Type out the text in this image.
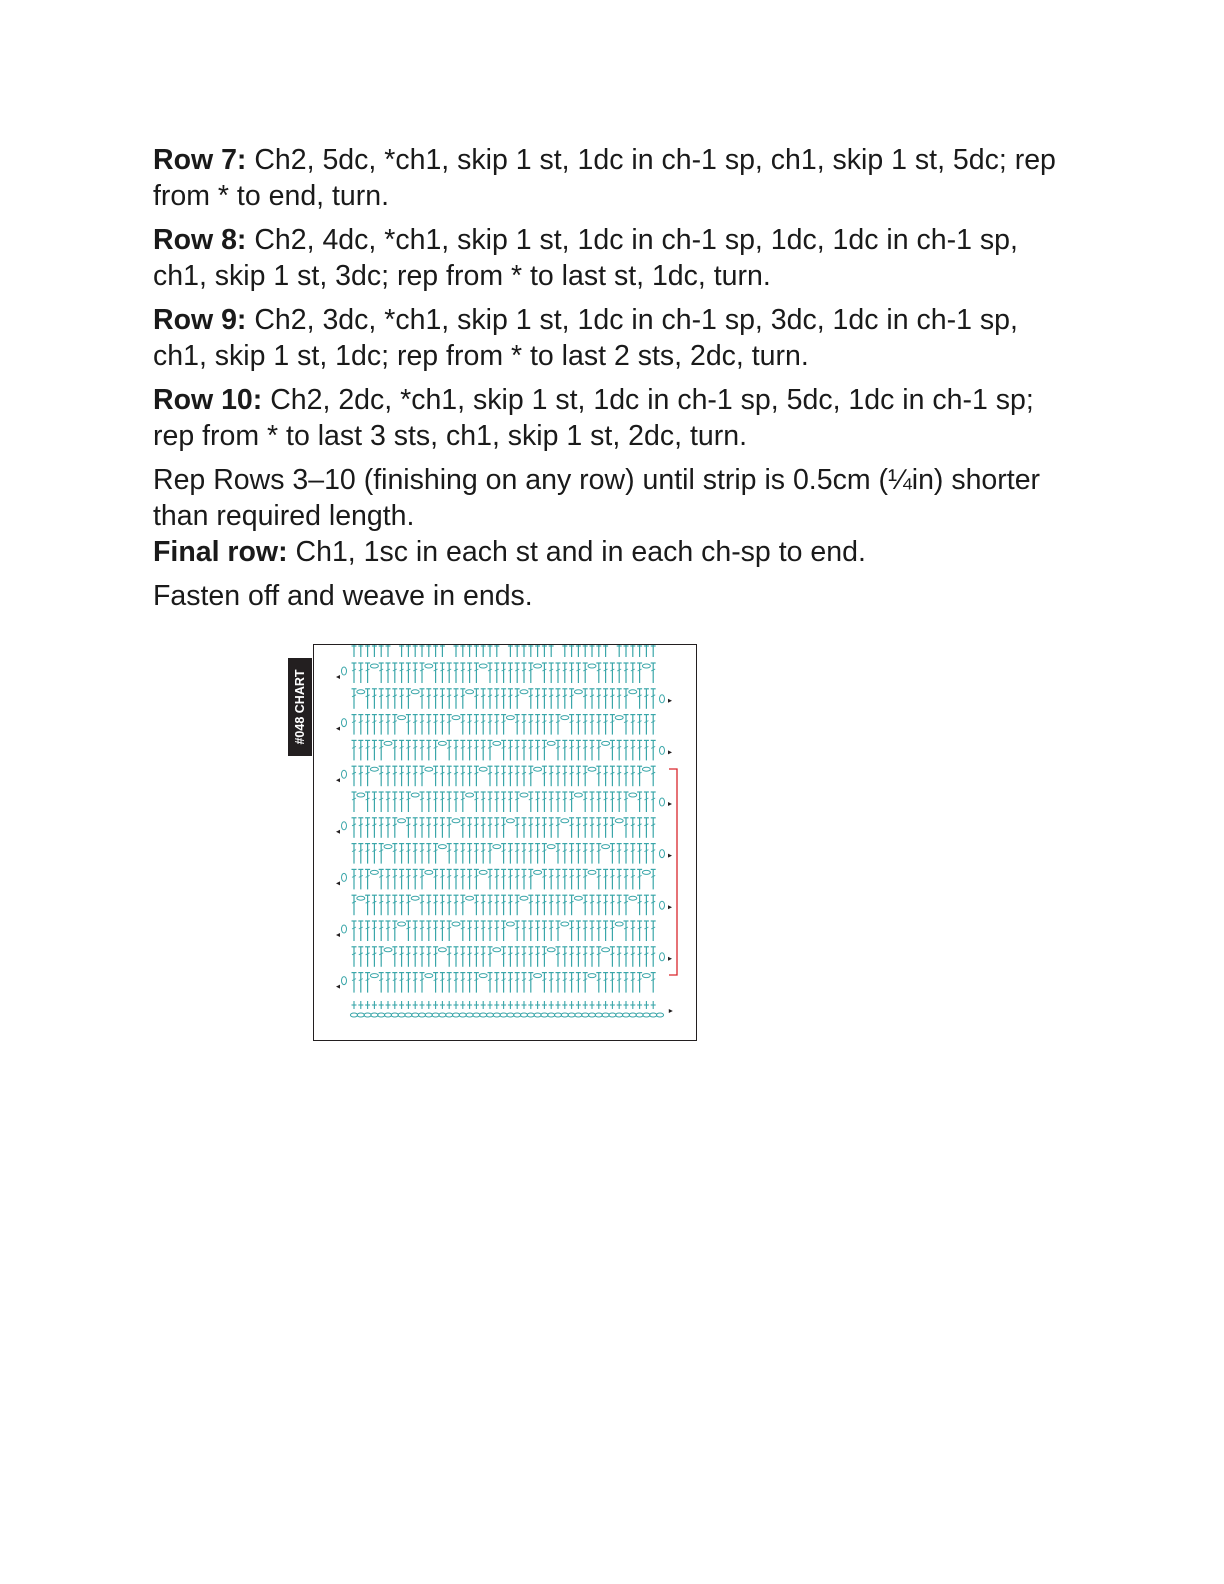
Row 7: Ch2, 5dc, *ch1, skip 1 st, 1dc in ch-1 sp, ch1, skip 1 st, 5dc; rep from * to end, turn.

Row 8: Ch2, 4dc, *ch1, skip 1 st, 1dc in ch-1 sp, 1dc, 1dc in ch-1 sp, ch1, skip 1 st, 3dc; rep from * to last st, 1dc, turn.

Row 9: Ch2, 3dc, *ch1, skip 1 st, 1dc in ch-1 sp, 3dc, 1dc in ch-1 sp, ch1, skip 1 st, 1dc; rep from * to last 2 sts, 2dc, turn.

Row 10: Ch2, 2dc, *ch1, skip 1 st, 1dc in ch-1 sp, 5dc, 1dc in ch-1 sp; rep from * to last 3 sts, ch1, skip 1 st, 2dc, turn.

Rep Rows 3–10 (finishing on any row) until strip is 0.5cm (¼in) shorter than required length.

Final row: Ch1, 1sc in each st and in each ch-sp to end.

Fasten off and weave in ends.

#048 CHART
